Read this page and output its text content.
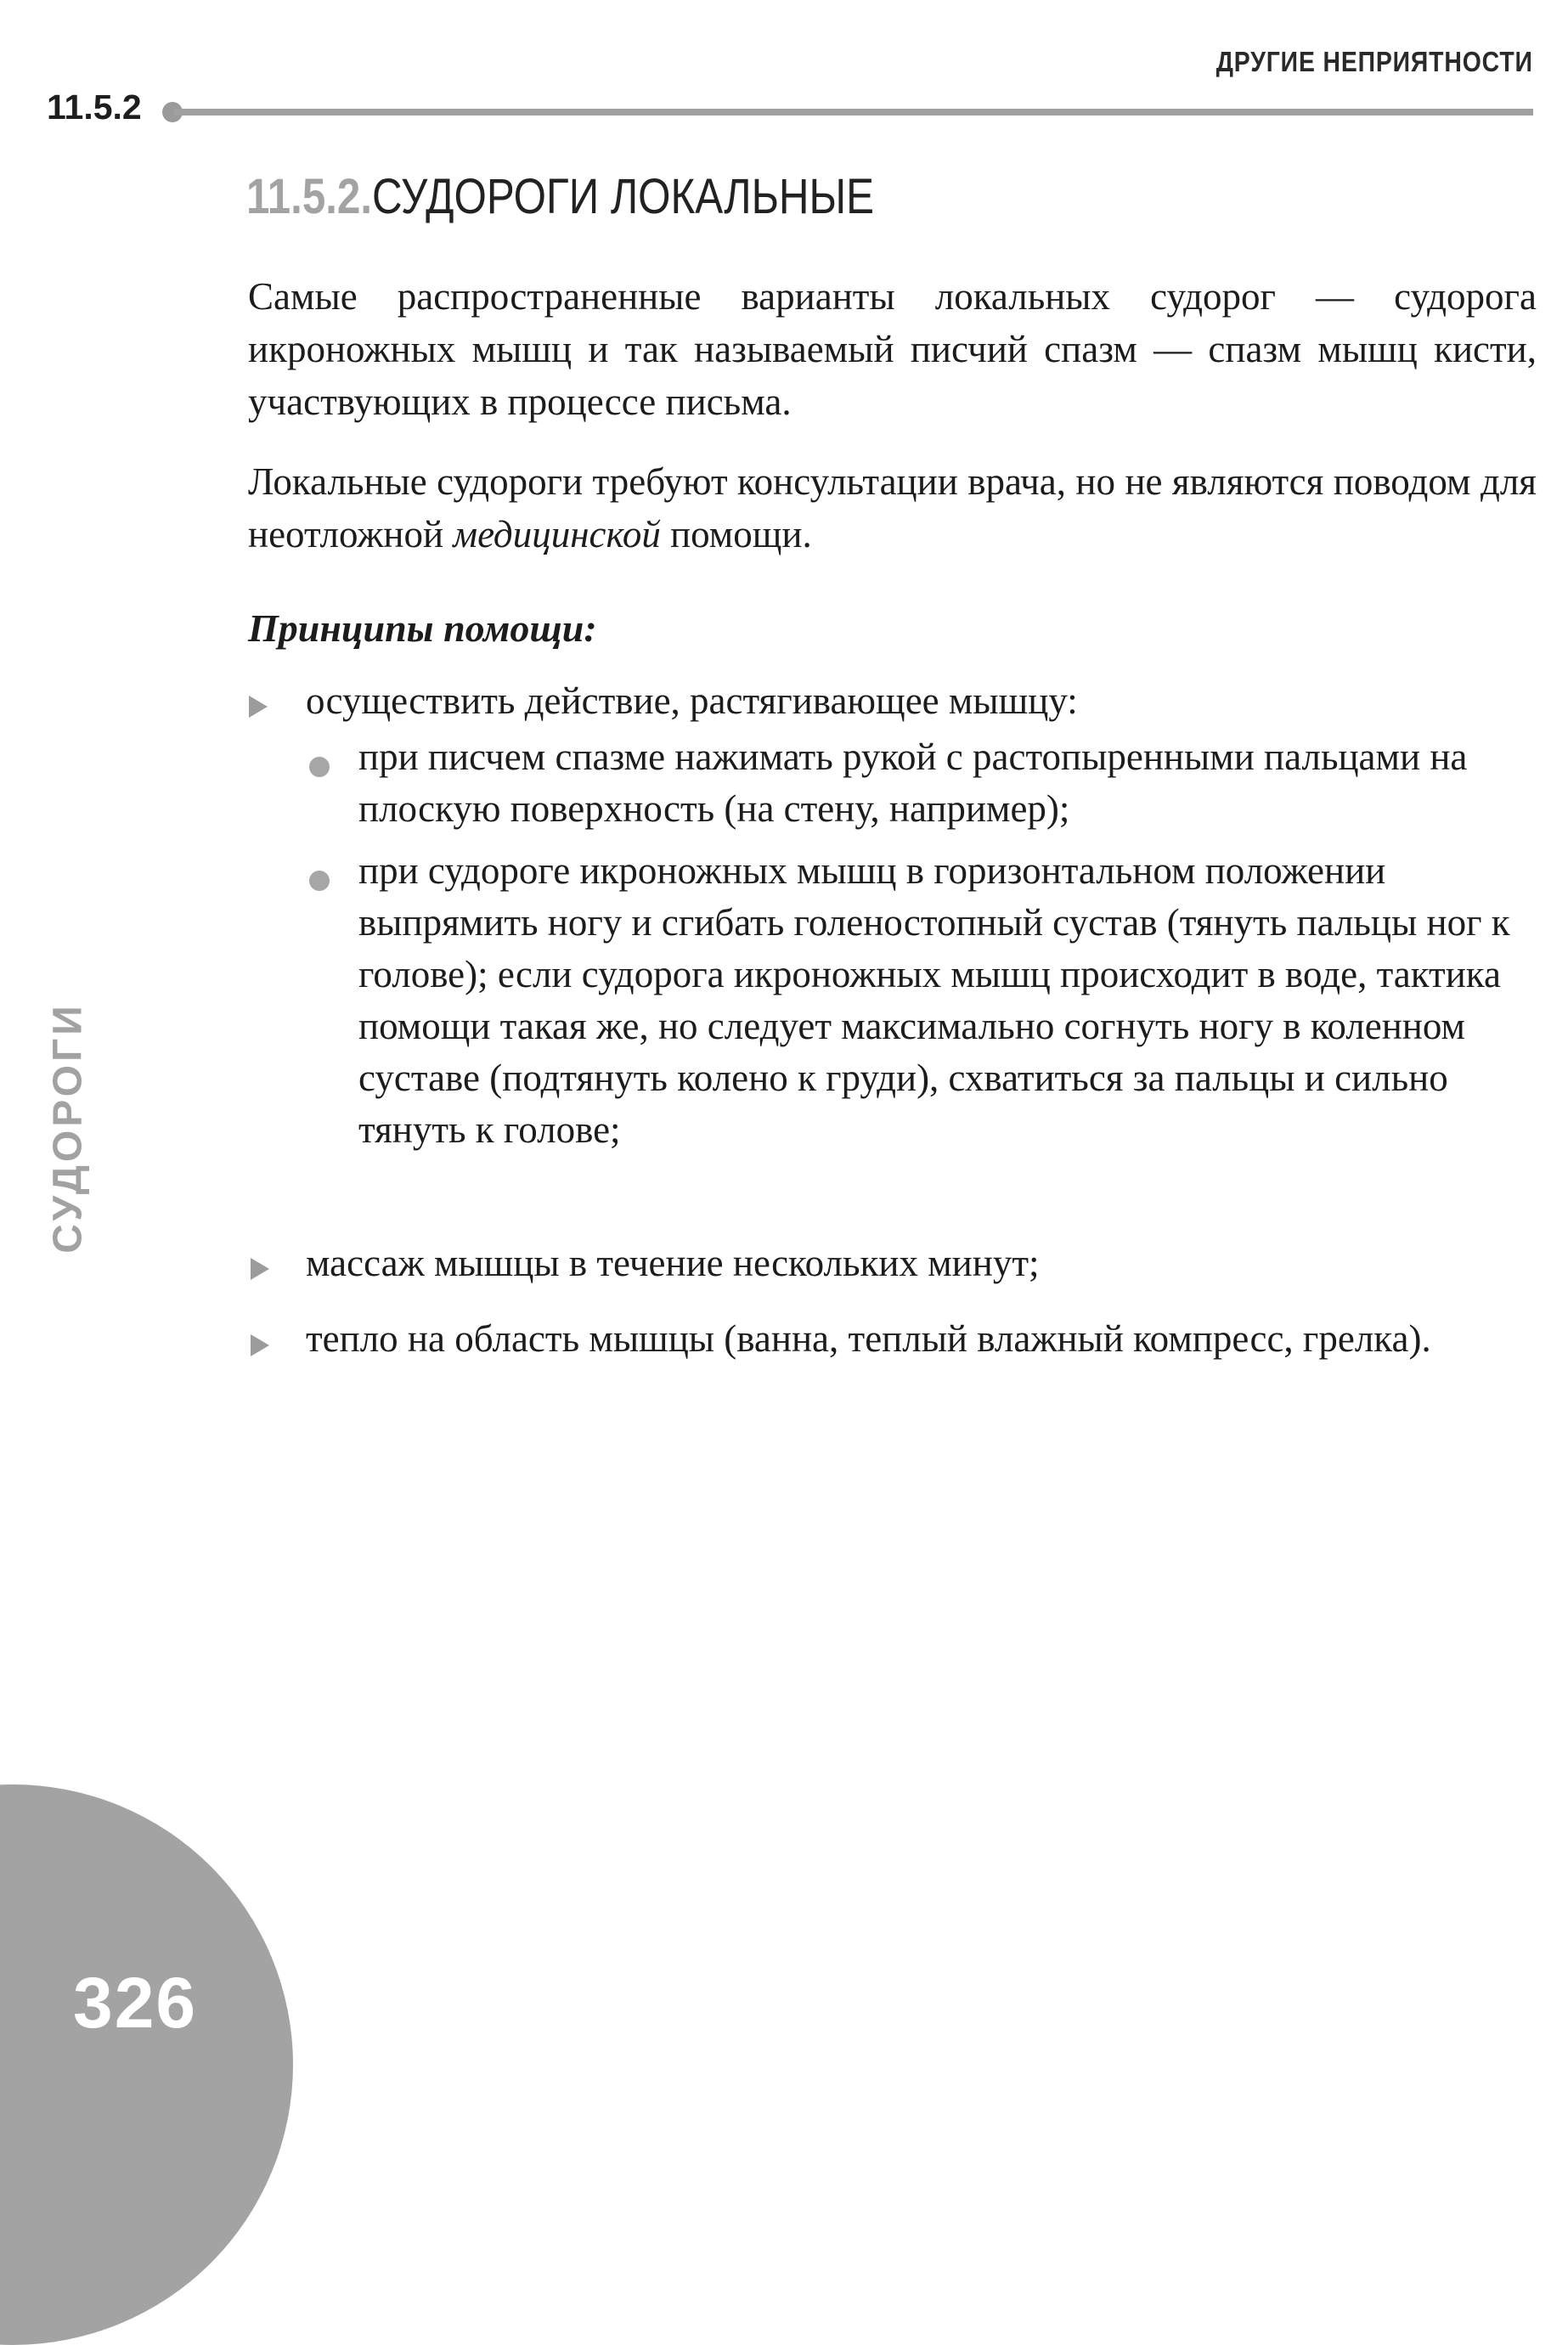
ДРУГИЕ НЕПРИЯТНОСТИ
11.5.2
11.5.2.СУДОРОГИ ЛОКАЛЬНЫЕ

Самые распространенные варианты локальных судорог — судорога икроножных мышц и так называемый писчий спазм — спазм мышц кисти, участвующих в процессе письма.

Локальные судороги требуют консультации врача, но не являются поводом для неотложной медицинской помощи.

Принципы помощи:

осуществить действие, растягивающее мышцу:

при писчем спазме нажимать рукой с растопыренными пальцами на плоскую поверхность (на стену, например);

при судороге икроножных мышц в горизонтальном положении выпрямить ногу и сгибать голеностопный сустав (тянуть пальцы ног к голове); если судорога икроножных мышц происходит в воде, тактика помощи такая же, но следует максимально согнуть ногу в коленном суставе (подтянуть колено к груди), схватиться за пальцы и сильно тянуть к голове;

массаж мышцы в течение нескольких минут;

тепло на область мышцы (ванна, теплый влажный компресс, грелка).

СУДОРОГИ
326
